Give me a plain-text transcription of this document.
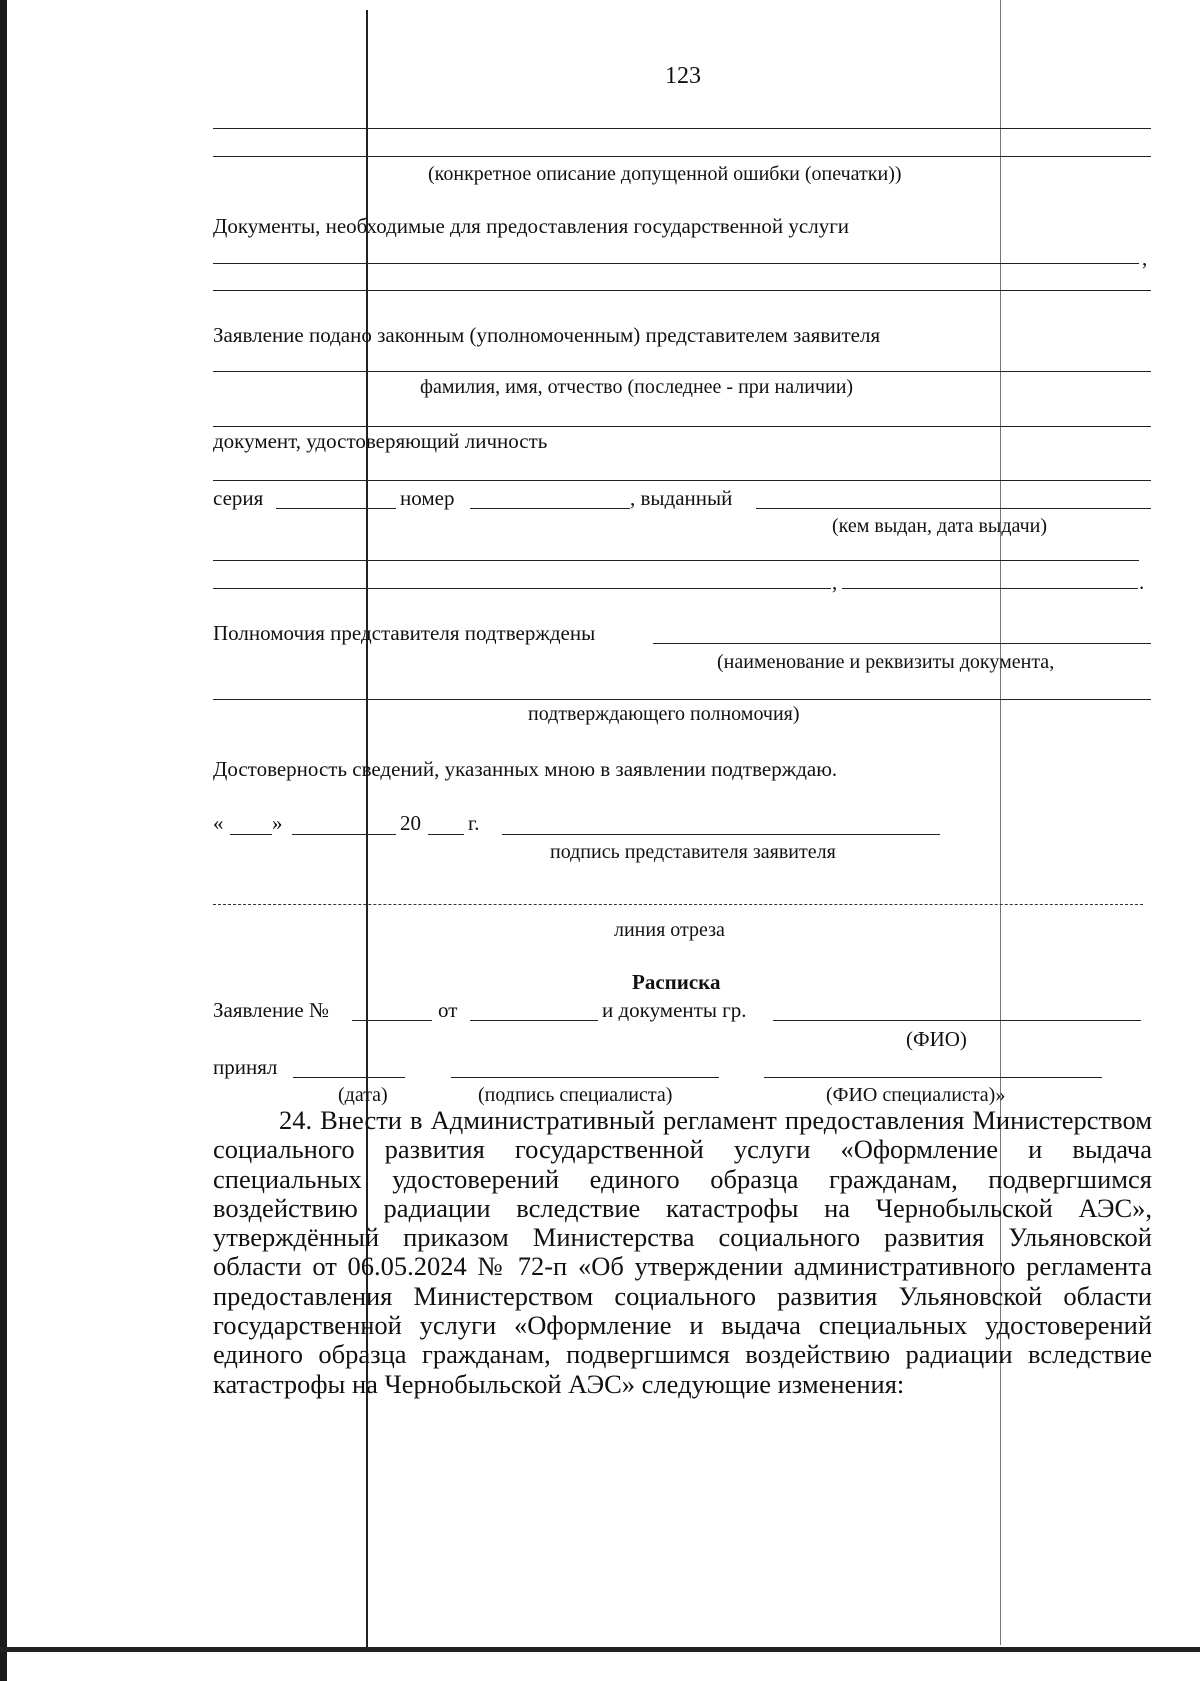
123
(конкретное описание допущенной ошибки (опечатки))
Документы, необходимые для предоставления государственной услуги
,
Заявление подано законным (уполномоченным) представителем заявителя
фамилия, имя, отчество (последнее - при наличии)
документ, удостоверяющий личность
серия	номер	, выданный
(кем выдан, дата выдачи)
,	.
Полномочия представителя подтверждены
(наименование и реквизиты документа,
подтверждающего полномочия)
Достоверность сведений, указанных мною в заявлении подтверждаю.
« »	20 г.
подпись представителя заявителя
линия отреза
Расписка
Заявление №	от	и документы гр.
(ФИО)
принял
(дата)	(подпись специалиста)	(ФИО специалиста)»
24. Внести в Административный регламент предоставления Министерством социального развития государственной услуги «Оформление и выдача специальных удостоверений единого образца гражданам, подвергшимся воздействию радиации вследствие катастрофы на Чернобыльской АЭС», утверждённый приказом Министерства социального развития Ульяновской области от 06.05.2024 № 72-п «Об утверждении административного регламента предоставления Министерством социального развития Ульяновской области государственной услуги «Оформление и выдача специальных удостоверений единого образца гражданам, подвергшимся воздействию радиации вследствие катастрофы на Чернобыльской АЭС» следующие изменения:
